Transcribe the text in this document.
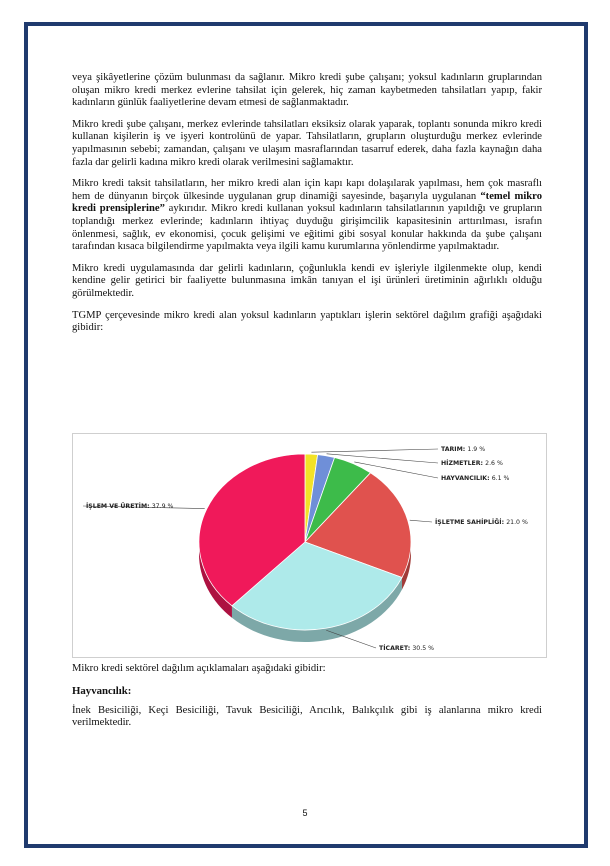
veya şikâyetlerine çözüm bulunması da sağlanır. Mikro kredi şube çalışanı; yoksul kadınların gruplarından oluşan mikro kredi merkez evlerine tahsilat için gelerek, hiç zaman kaybetmeden tahsilatları yapıp, fakir kadınların günlük faaliyetlerine devam etmesi de sağlanmaktadır.

Mikro kredi şube çalışanı, merkez evlerinde tahsilatları eksiksiz olarak yaparak, toplantı sonunda mikro kredi kullanan kişilerin iş ve işyeri kontrolünü de yapar. Tahsilatların, grupların oluşturduğu merkez evlerinde yapılmasının sebebi; zamandan, çalışanı ve ulaşım masraflarından tasarruf ederek, daha fazla kaynağın daha fazla dar gelirli kadına mikro kredi olarak verilmesini sağlamaktır.

Mikro kredi taksit tahsilatların, her mikro kredi alan için kapı kapı dolaşılarak yapılması, hem çok masraflı hem de dünyanın birçok ülkesinde uygulanan grup dinamiği sayesinde, başarıyla uygulanan “temel mikro kredi prensiplerine” aykırıdır. Mikro kredi kullanan yoksul kadınların tahsilatlarının yapıldığı ve grupların toplandığı merkez evlerinde; kadınların ihtiyaç duyduğu girişimcilik kapasitesinin arttırılması, israfın önlenmesi, sağlık, ev ekonomisi, çocuk gelişimi ve eğitimi gibi sosyal konular hakkında da şube çalışanı tarafından kısaca bilgilendirme yapılmakta veya ilgili kamu kurumlarına yönlendirme yapılmaktadır.

Mikro kredi uygulamasında dar gelirli kadınların, çoğunlukla kendi ev işleriyle ilgilenmekte olup, kendi kendine gelir getirici bir faaliyette bulunmasına imkân tanıyan el işi ürünleri üretiminin ağırlıklı olduğu görülmektedir.

TGMP çerçevesinde mikro kredi alan yoksul kadınların yaptıkları işlerin sektörel dağılım grafiği aşağıdaki gibidir:

TARIM: 1.9 %
HİZMETLER: 2.6 %
HAYVANCILIK: 6.1 %
İŞLETME SAHİPLİĞİ: 21.0 %
TİCARET: 30.5 %
İŞLEM VE ÜRETİM: 37.9 %

Mikro kredi sektörel dağılım açıklamaları aşağıdaki gibidir:

Hayvancılık:

İnek Besiciliği, Keçi Besiciliği, Tavuk Besiciliği, Arıcılık, Balıkçılık gibi iş alanlarına mikro kredi verilmektedir.

5
